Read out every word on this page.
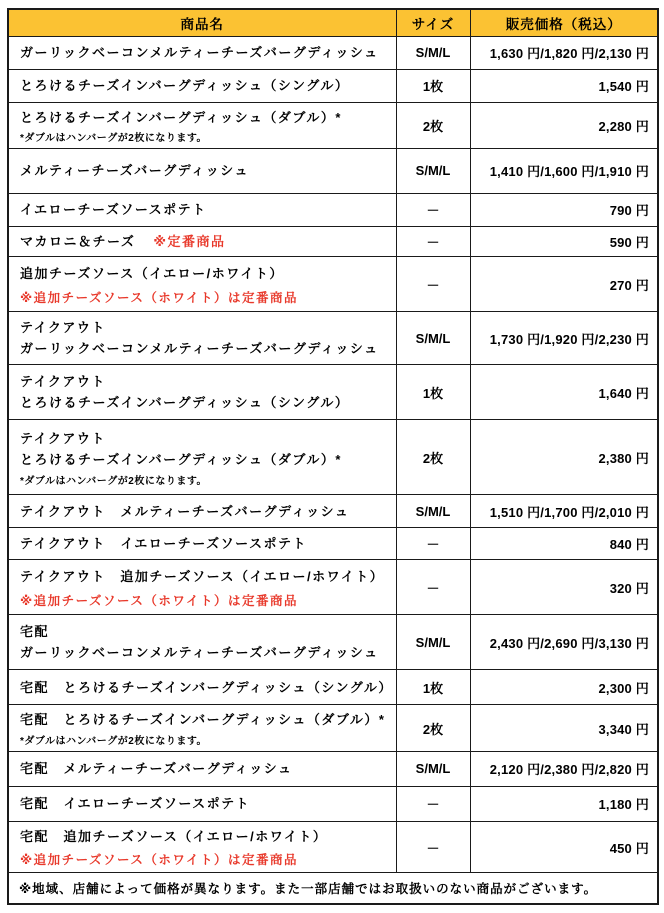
商品名	サイズ	販売価格（税込）

ガーリックベーコンメルティーチーズバーグディッシュ	S/M/L	1,630 円/1,820 円/2,130 円

とろけるチーズインバーグディッシュ（シングル）	1枚	1,540 円

とろけるチーズインバーグディッシュ（ダブル）*
*ダブルはハンバーグが2枚になります。	2枚	2,280 円

メルティーチーズバーグディッシュ	S/M/L	1,410 円/1,600 円/1,910 円

イエローチーズソースポテト	－	790 円

マカロニ＆チーズ ※定番商品	－	590 円

追加チーズソース（イエロー/ホワイト）
※追加チーズソース（ホワイト）は定番商品	－	270 円

テイクアウト
ガーリックベーコンメルティーチーズバーグディッシュ	S/M/L	1,730 円/1,920 円/2,230 円

テイクアウト
とろけるチーズインバーグディッシュ（シングル）	1枚	1,640 円

テイクアウト
とろけるチーズインバーグディッシュ（ダブル）*
*ダブルはハンバーグが2枚になります。	2枚	2,380 円

テイクアウト　メルティーチーズバーグディッシュ	S/M/L	1,510 円/1,700 円/2,010 円

テイクアウト　イエローチーズソースポテト	－	840 円

テイクアウト　追加チーズソース（イエロー/ホワイト）
※追加チーズソース（ホワイト）は定番商品	－	320 円

宅配
ガーリックベーコンメルティーチーズバーグディッシュ	S/M/L	2,430 円/2,690 円/3,130 円

宅配　とろけるチーズインバーグディッシュ（シングル）	1枚	2,300 円

宅配　とろけるチーズインバーグディッシュ（ダブル）*
*ダブルはハンバーグが2枚になります。	2枚	3,340 円

宅配　メルティーチーズバーグディッシュ	S/M/L	2,120 円/2,380 円/2,820 円

宅配　イエローチーズソースポテト	－	1,180 円

宅配　追加チーズソース（イエロー/ホワイト）
※追加チーズソース（ホワイト）は定番商品	－	450 円
※地域、店舗によって価格が異なります。また一部店舗ではお取扱いのない商品がございます。		
